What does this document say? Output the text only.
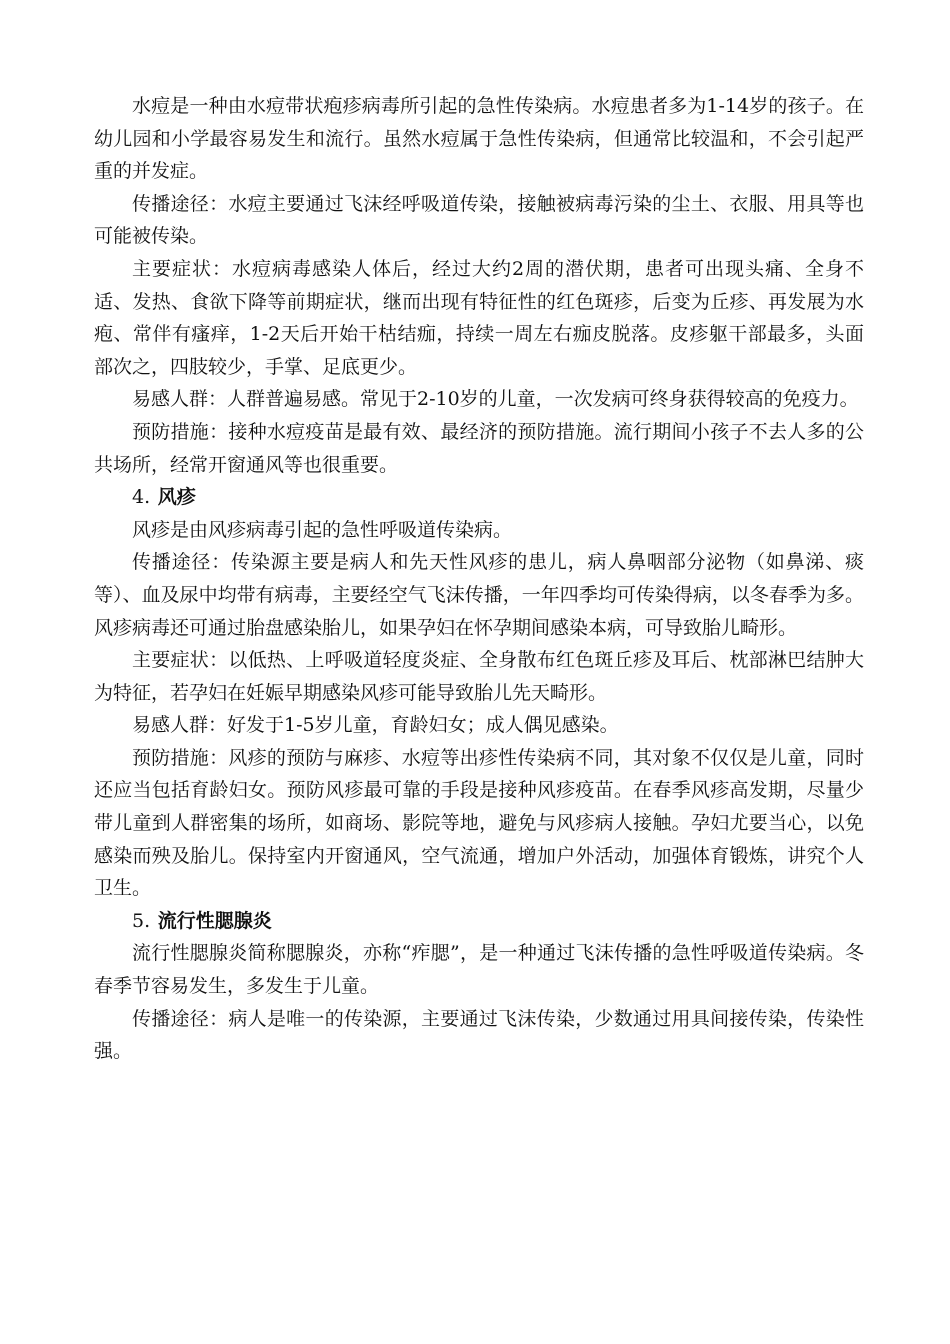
水痘是一种由水痘带状疱疹病毒所引起的急性传染病。水痘患者多为1-14岁的孩子。在幼儿园和小学最容易发生和流行。虽然水痘属于急性传染病，但通常比较温和，不会引起严重的并发症。

传播途径：水痘主要通过飞沫经呼吸道传染，接触被病毒污染的尘土、衣服、用具等也可能被传染。

主要症状：水痘病毒感染人体后，经过大约2周的潜伏期，患者可出现头痛、全身不适、发热、食欲下降等前期症状，继而出现有特征性的红色斑疹，后变为丘疹、再发展为水疱、常伴有瘙痒，1-2天后开始干枯结痂，持续一周左右痂皮脱落。皮疹躯干部最多，头面部次之，四肢较少，手掌、足底更少。

易感人群：人群普遍易感。常见于2-10岁的儿童，一次发病可终身获得较高的免疫力。

预防措施：接种水痘疫苗是最有效、最经济的预防措施。流行期间小孩子不去人多的公共场所，经常开窗通风等也很重要。

4. 风疹

风疹是由风疹病毒引起的急性呼吸道传染病。

传播途径：传染源主要是病人和先天性风疹的患儿，病人鼻咽部分泌物（如鼻涕、痰等）、血及尿中均带有病毒，主要经空气飞沫传播，一年四季均可传染得病，以冬春季为多。风疹病毒还可通过胎盘感染胎儿，如果孕妇在怀孕期间感染本病，可导致胎儿畸形。

主要症状：以低热、上呼吸道轻度炎症、全身散布红色斑丘疹及耳后、枕部淋巴结肿大为特征，若孕妇在妊娠早期感染风疹可能导致胎儿先天畸形。

易感人群：好发于1-5岁儿童，育龄妇女；成人偶见感染。

预防措施：风疹的预防与麻疹、水痘等出疹性传染病不同，其对象不仅仅是儿童，同时还应当包括育龄妇女。预防风疹最可靠的手段是接种风疹疫苗。在春季风疹高发期，尽量少带儿童到人群密集的场所，如商场、影院等地，避免与风疹病人接触。孕妇尤要当心，以免感染而殃及胎儿。保持室内开窗通风，空气流通，增加户外活动，加强体育锻炼，讲究个人卫生。

5. 流行性腮腺炎

流行性腮腺炎简称腮腺炎，亦称“痄腮”，是一种通过飞沫传播的急性呼吸道传染病。冬春季节容易发生，多发生于儿童。

传播途径：病人是唯一的传染源，主要通过飞沫传染，少数通过用具间接传染，传染性强。
